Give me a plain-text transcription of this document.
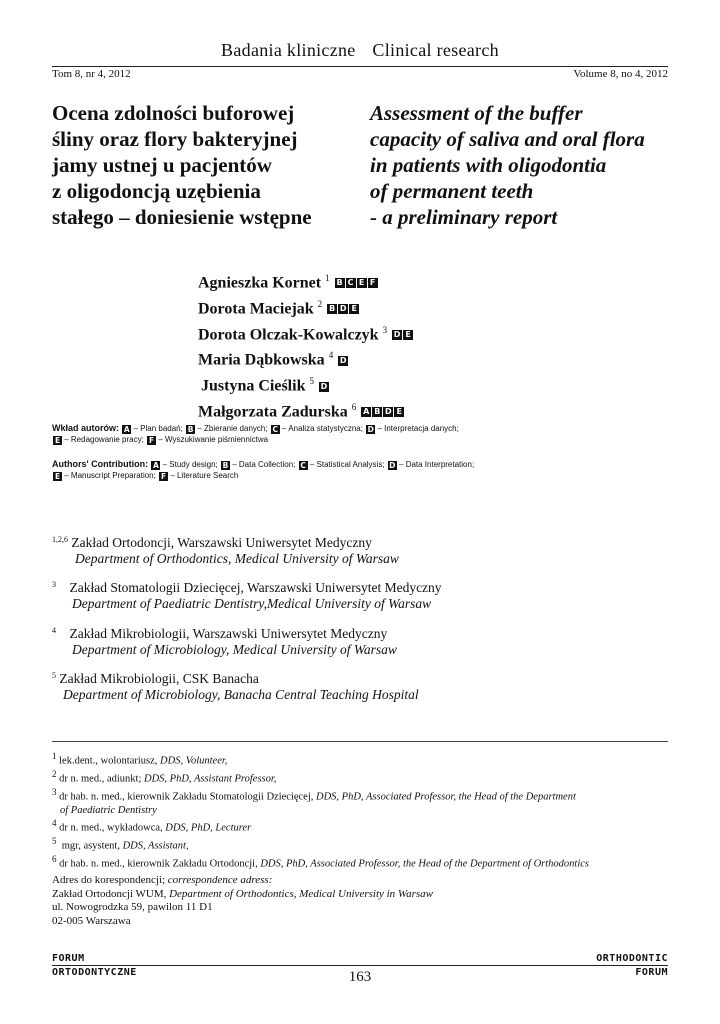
Badania kliniczne Clinical research
Tom 8, nr 4, 2012	Volume 8, no 4, 2012
Ocena zdolności buforowej
śliny oraz flory bakteryjnej
jamy ustnej u pacjentów
z oligodoncją uzębienia
stałego – doniesienie wstępne
Assessment of the buffer
capacity of saliva and oral flora
in patients with oligodontia
of permanent teeth
- a preliminary report
Agnieszka Kornet $^1$ B C E F
Dorota Maciejak $^2$ B D E
Dorota Olczak-Kowalczyk $^3$ D E
Maria Dąbkowska $^4$ D
Justyna Cieślik $^5$ D
Małgorzata Zadurska $^6$ A B D E
Wkład autorów: A – Plan badań; B – Zbieranie danych; C – Analiza statystyczna; D – Interpretacja danych;
E – Redagowanie pracy; F – Wyszukiwanie piśmiennictwa
Authors' Contribution: A – Study design; B – Data Collection; C – Statistical Analysis; D – Data Interpretation;
E – Manuscript Preparation; F – Literature Search
$^{1,2,6}$ Zakład Ortodoncji, Warszawski Uniwersytet Medyczny
Department of Orthodontics, Medical University of Warsaw
$^3$ Zakład Stomatologii Dziecięcej, Warszawski Uniwersytet Medyczny
Department of Paediatric Dentistry,Medical University of Warsaw
$^4$ Zakład Mikrobiologii, Warszawski Uniwersytet Medyczny
Department of Microbiology, Medical University of Warsaw
$^5$ Zakład Mikrobiologii, CSK Banacha
Department of Microbiology, Banacha Central Teaching Hospital
$^1$ lek.dent., wolontariusz, DDS, Volunteer,
$^2$ dr n. med., adiunkt; DDS, PhD, Assistant Professor,
$^3$ dr hab. n. med., kierownik Zakładu Stomatologii Dziecięcej, DDS, PhD, Associated Professor, the Head of the Department
of Paediatric Dentistry
$^4$ dr n. med., wykładowca, DDS, PhD, Lecturer
$^5$ mgr, asystent, DDS, Assistant,
$^6$ dr hab. n. med., kierownik Zakładu Ortodoncji, DDS, PhD, Associated Professor, the Head of the Department of Orthodontics
Adres do korespondencji; correspondence adress:
Zakład Ortodoncji WUM, Department of Orthodontics, Medical University in Warsaw
ul. Nowogrodzka 59, pawilon 11 D1
02-005 Warszawa
FORUM	ORTHODONTIC
ORTODONTYCZNE	FORUM
163
